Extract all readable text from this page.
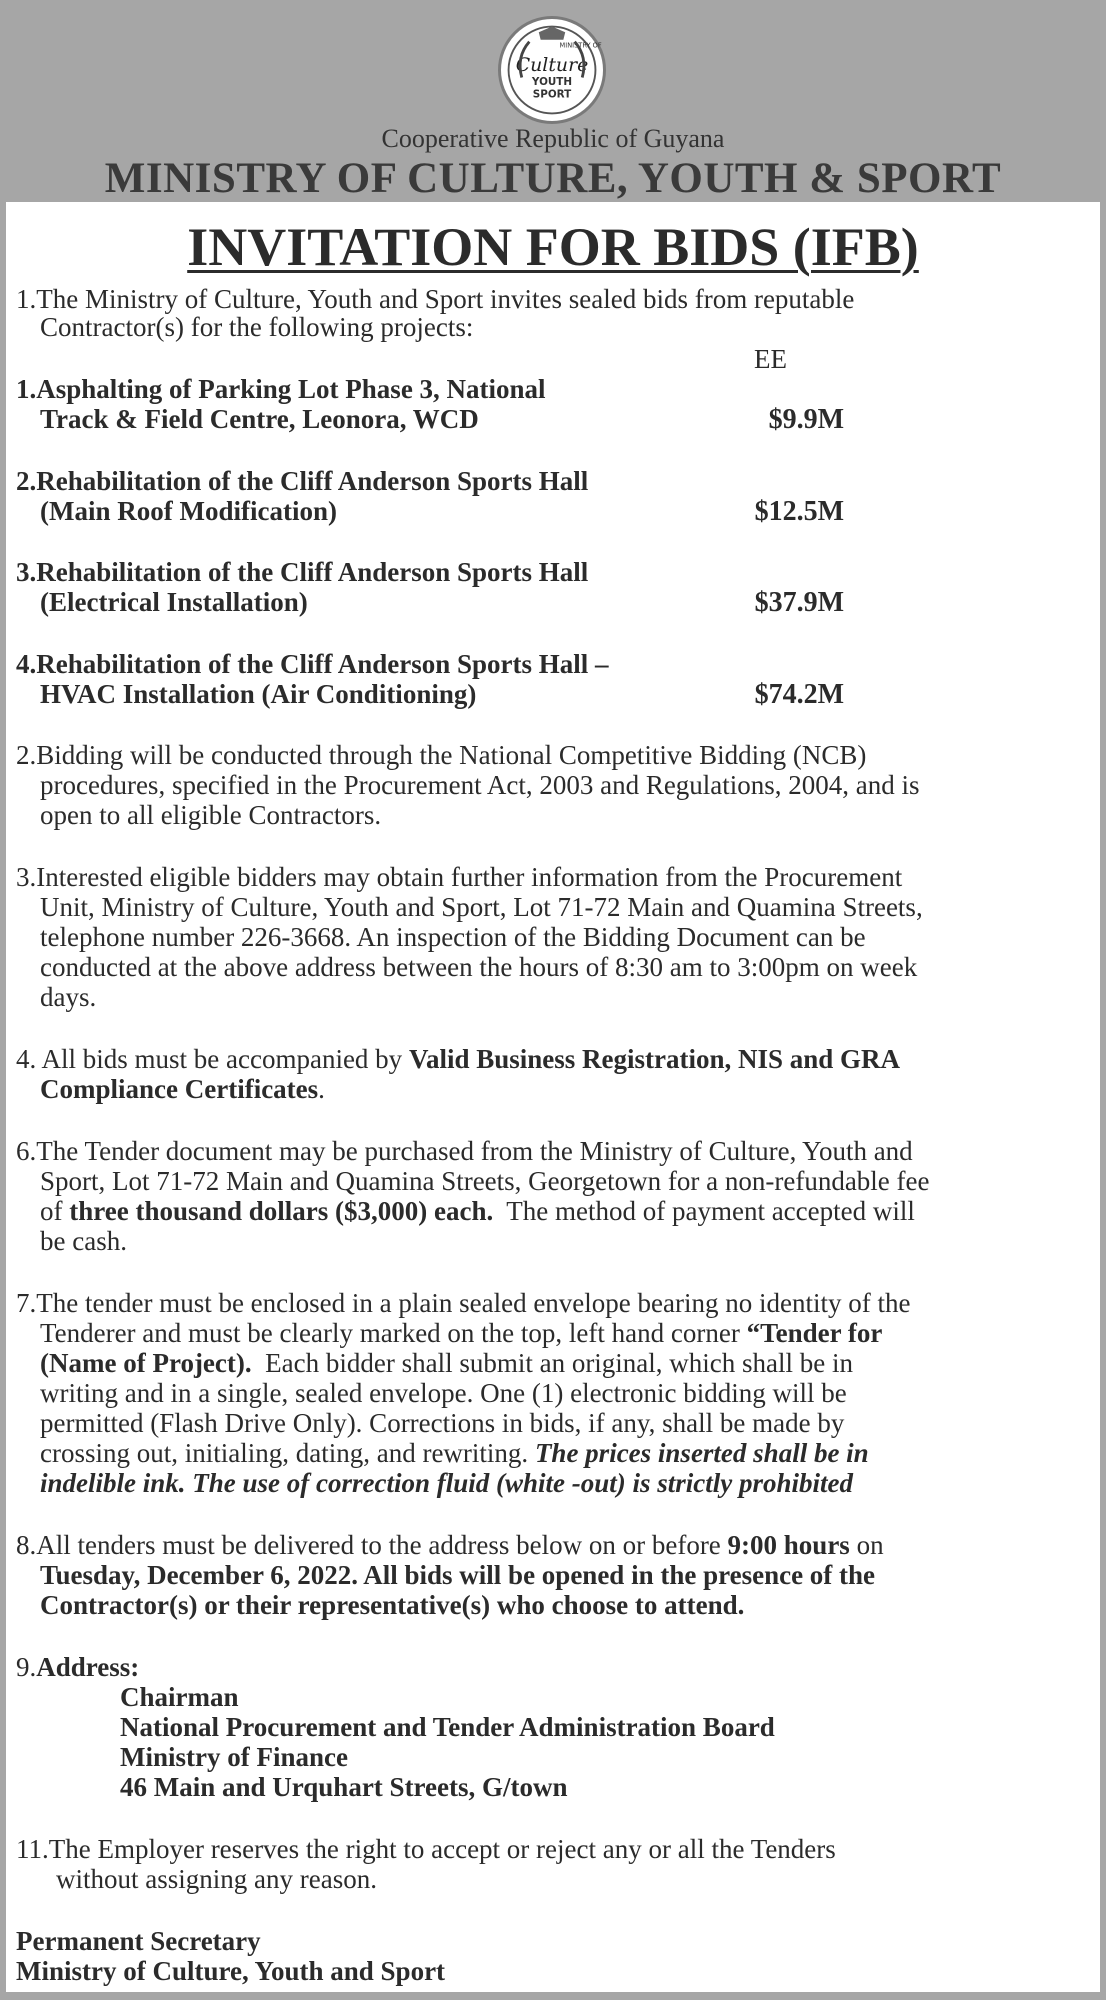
MINISTRY OF
Culture
YOUTH
SPORT
Cooperative Republic of Guyana
MINISTRY OF CULTURE, YOUTH & SPORT
INVITATION FOR BIDS (IFB)
1.The Ministry of Culture, Youth and Sport invites sealed bids from reputable
Contractor(s) for the following projects:
EE
1.Asphalting of Parking Lot Phase 3, National
Track & Field Centre, Leonora, WCD	$9.9M
2.Rehabilitation of the Cliff Anderson Sports Hall
(Main Roof Modification)	$12.5M
3.Rehabilitation of the Cliff Anderson Sports Hall
(Electrical Installation)	$37.9M
4.Rehabilitation of the Cliff Anderson Sports Hall –
HVAC Installation (Air Conditioning)	$74.2M
2.Bidding will be conducted through the National Competitive Bidding (NCB)
procedures, specified in the Procurement Act, 2003 and Regulations, 2004, and is
open to all eligible Contractors.
3.Interested eligible bidders may obtain further information from the Procurement
Unit, Ministry of Culture, Youth and Sport, Lot 71-72 Main and Quamina Streets,
telephone number 226-3668. An inspection of the Bidding Document can be
conducted at the above address between the hours of 8:30 am to 3:00pm on week
days.
4. All bids must be accompanied by Valid Business Registration, NIS and GRA
Compliance Certificates.
6.The Tender document may be purchased from the Ministry of Culture, Youth and
Sport, Lot 71-72 Main and Quamina Streets, Georgetown for a non-refundable fee
of three thousand dollars ($3,000) each.  The method of payment accepted will
be cash.
7.The tender must be enclosed in a plain sealed envelope bearing no identity of the
Tenderer and must be clearly marked on the top, left hand corner “Tender for
(Name of Project).  Each bidder shall submit an original, which shall be in
writing and in a single, sealed envelope. One (1) electronic bidding will be
permitted (Flash Drive Only). Corrections in bids, if any, shall be made by
crossing out, initialing, dating, and rewriting. The prices inserted shall be in
indelible ink. The use of correction fluid (white -out) is strictly prohibited
8.All tenders must be delivered to the address below on or before 9:00 hours on
Tuesday, December 6, 2022. All bids will be opened in the presence of the
Contractor(s) or their representative(s) who choose to attend.
9.Address:
Chairman
National Procurement and Tender Administration Board
Ministry of Finance
46 Main and Urquhart Streets, G/town
11.The Employer reserves the right to accept or reject any or all the Tenders
without assigning any reason.
Permanent Secretary
Ministry of Culture, Youth and Sport
